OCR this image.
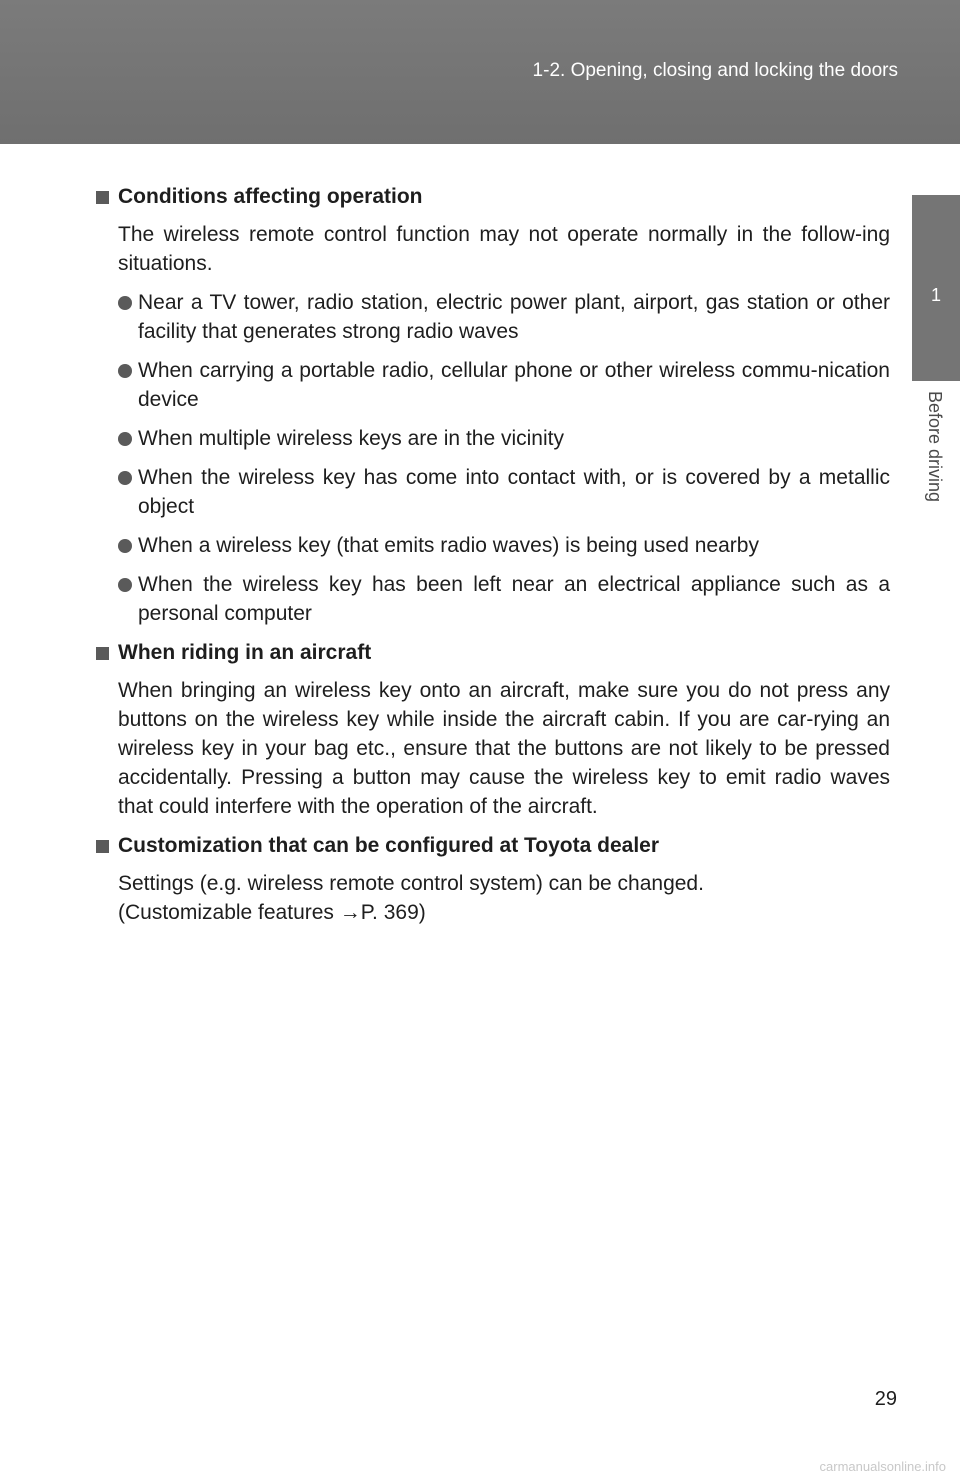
1-2. Opening, closing and locking the doors
1
Before driving
Conditions affecting operation
The wireless remote control function may not operate normally in the follow-ing situations.
Near a TV tower, radio station, electric power plant, airport, gas station or other facility that generates strong radio waves
When carrying a portable radio, cellular phone or other wireless commu-nication device
When multiple wireless keys are in the vicinity
When the wireless key has come into contact with, or is covered by a metallic object
When a wireless key (that emits radio waves) is being used nearby
When the wireless key has been left near an electrical appliance such as a personal computer
When riding in an aircraft
When bringing an wireless key onto an aircraft, make sure you do not press any buttons on the wireless key while inside the aircraft cabin. If you are car-rying an wireless key in your bag etc., ensure that the buttons are not likely to be pressed accidentally. Pressing a button may cause the wireless key to emit radio waves that could interfere with the operation of the aircraft.
Customization that can be configured at Toyota dealer
Settings (e.g. wireless remote control system) can be changed.
(Customizable features →P. 369)
29
carmanualsonline.info
